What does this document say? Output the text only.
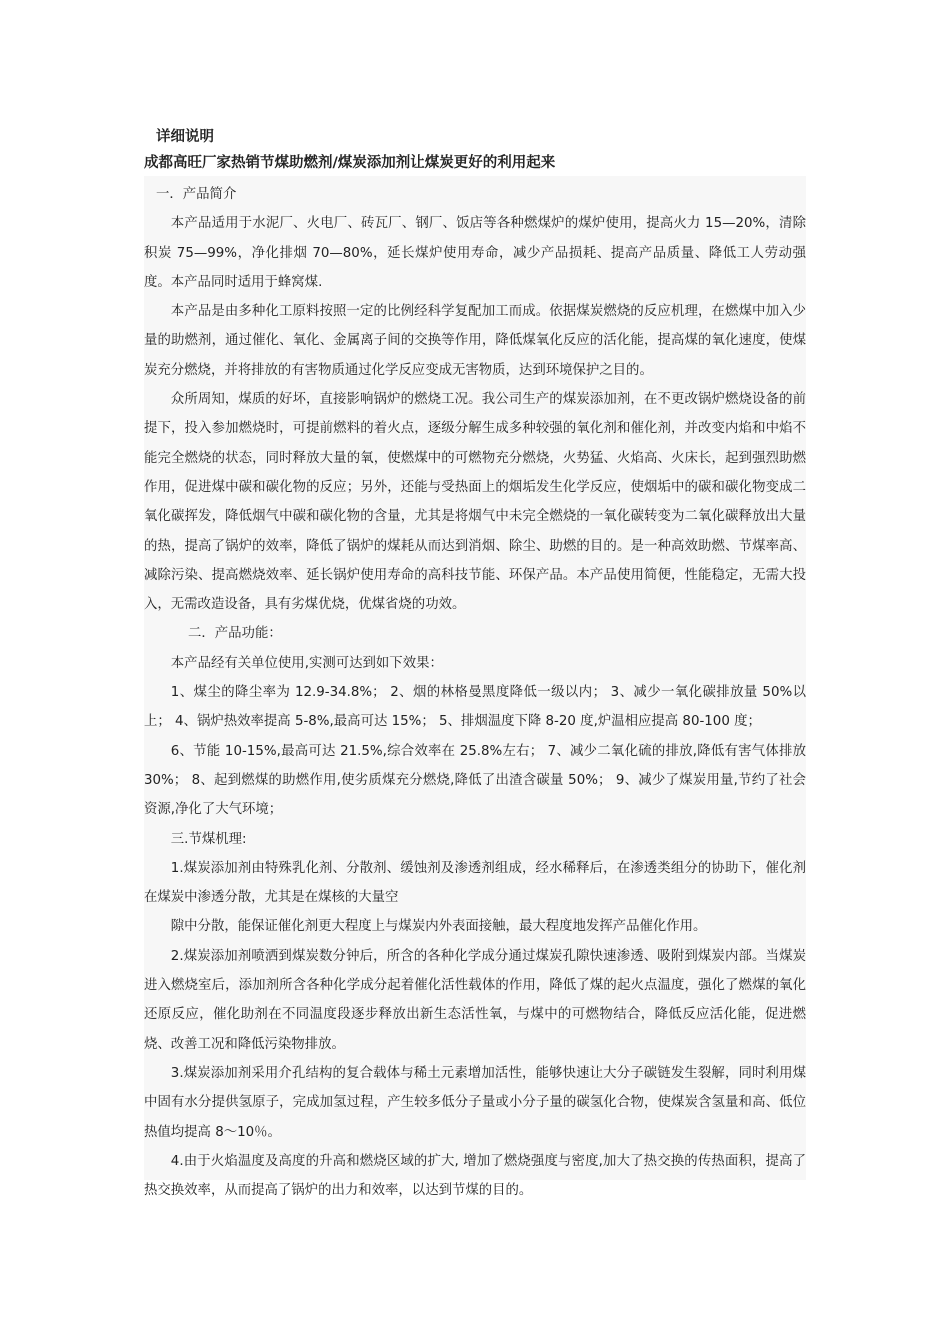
详细说明
成都高旺厂家热销节煤助燃剂/煤炭添加剂让煤炭更好的利用起来

一．产品简介

本产品适用于水泥厂、火电厂、砖瓦厂、钢厂、饭店等各种燃煤炉的煤炉使用，提高火力 15—20%，清除积炭 75—99%，净化排烟 70—80%，延长煤炉使用寿命，减少产品损耗、提高产品质量、降低工人劳动强度。本产品同时适用于蜂窝煤.

本产品是由多种化工原料按照一定的比例经科学复配加工而成。依据煤炭燃烧的反应机理，在燃煤中加入少量的助燃剂，通过催化、氧化、金属离子间的交换等作用，降低煤氧化反应的活化能，提高煤的氧化速度，使煤炭充分燃烧，并将排放的有害物质通过化学反应变成无害物质，达到环境保护之目的。

众所周知，煤质的好坏，直接影响锅炉的燃烧工况。我公司生产的煤炭添加剂，在不更改锅炉燃烧设备的前提下，投入参加燃烧时，可提前燃料的着火点，逐级分解生成多种较强的氧化剂和催化剂，并改变内焰和中焰不能完全燃烧的状态，同时释放大量的氧，使燃煤中的可燃物充分燃烧，火势猛、火焰高、火床长，起到强烈助燃作用，促进煤中碳和碳化物的反应；另外，还能与受热面上的烟垢发生化学反应，使烟垢中的碳和碳化物变成二氧化碳挥发，降低烟气中碳和碳化物的含量，尤其是将烟气中未完全燃烧的一氧化碳转变为二氧化碳释放出大量的热，提高了锅炉的效率，降低了锅炉的煤耗从而达到消烟、除尘、助燃的目的。是一种高效助燃、节煤率高、减除污染、提高燃烧效率、延长锅炉使用寿命的高科技节能、环保产品。本产品使用简便，性能稳定，无需大投入，无需改造设备，具有劣煤优烧，优煤省烧的功效。

二．产品功能：

本产品经有关单位使用,实测可达到如下效果：

1、煤尘的降尘率为 12.9-34.8%； 2、烟的林格曼黑度降低一级以内； 3、减少一氧化碳排放量 50%以上； 4、锅炉热效率提高 5-8%,最高可达 15%； 5、排烟温度下降 8-20 度,炉温相应提高 80-100 度；

6、节能 10-15%,最高可达 21.5%,综合效率在 25.8%左右； 7、减少二氧化硫的排放,降低有害气体排放 30%； 8、起到燃煤的助燃作用,使劣质煤充分燃烧,降低了出渣含碳量 50%； 9、减少了煤炭用量,节约了社会资源,净化了大气环境；

三.节煤机理:

1.煤炭添加剂由特殊乳化剂、分散剂、缓蚀剂及渗透剂组成，经水稀释后，在渗透类组分的协助下，催化剂在煤炭中渗透分散，尤其是在煤核的大量空

隙中分散，能保证催化剂更大程度上与煤炭内外表面接触，最大程度地发挥产品催化作用。

2.煤炭添加剂喷洒到煤炭数分钟后，所含的各种化学成分通过煤炭孔隙快速渗透、吸附到煤炭内部。当煤炭进入燃烧室后，添加剂所含各种化学成分起着催化活性载体的作用，降低了煤的起火点温度，强化了燃煤的氧化还原反应，催化助剂在不同温度段逐步释放出新生态活性氧，与煤中的可燃物结合，降低反应活化能，促进燃烧、改善工况和降低污染物排放。

3.煤炭添加剂采用介孔结构的复合载体与稀土元素增加活性，能够快速让大分子碳链发生裂解，同时利用煤中固有水分提供氢原子，完成加氢过程，产生较多低分子量或小分子量的碳氢化合物，使煤炭含氢量和高、低位热值均提高 8～10％。

4.由于火焰温度及高度的升高和燃烧区域的扩大, 增加了燃烧强度与密度,加大了热交换的传热面积，提高了热交换效率，从而提高了锅炉的出力和效率，以达到节煤的目的。
